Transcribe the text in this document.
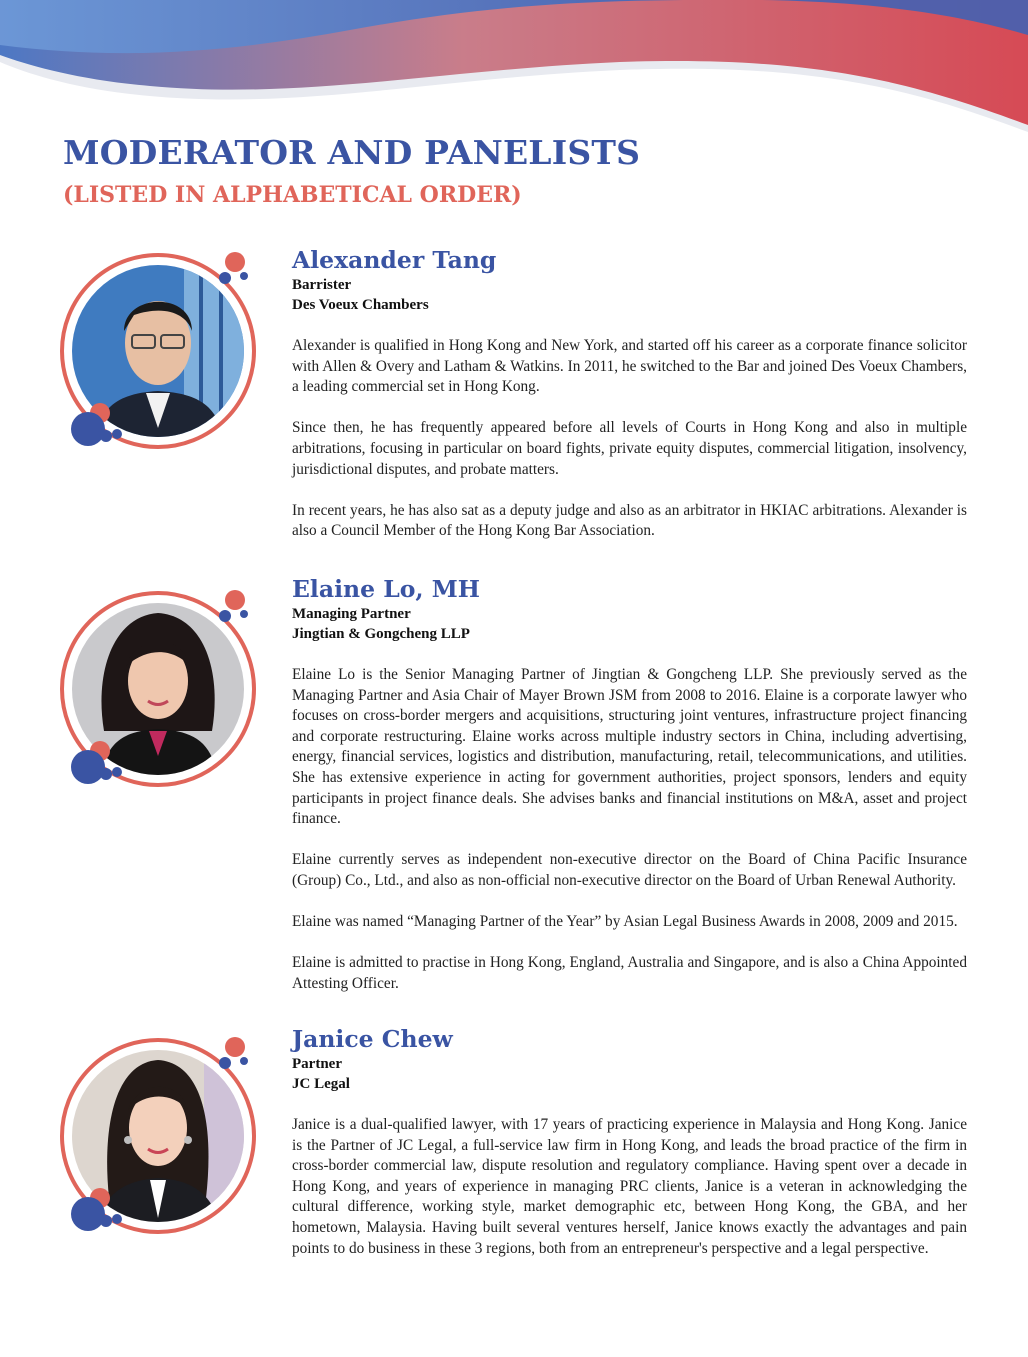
MODERATOR AND PANELISTS
(LISTED IN ALPHABETICAL ORDER)
Alexander Tang
Barrister
Des Voeux Chambers

Alexander is qualified in Hong Kong and New York, and started off his career as a corporate finance solicitor with Allen & Overy and Latham & Watkins. In 2011, he switched to the Bar and joined Des Voeux Chambers, a leading commercial set in Hong Kong.

Since then, he has frequently appeared before all levels of Courts in Hong Kong and also in multiple arbitrations, focusing in particular on board fights, private equity disputes, commercial litigation, insolvency, jurisdictional disputes, and probate matters.

In recent years, he has also sat as a deputy judge and also as an arbitrator in HKIAC arbitrations. Alexander is also a Council Member of the Hong Kong Bar Association.

Elaine Lo, MH
Managing Partner
Jingtian & Gongcheng LLP

Elaine Lo is the Senior Managing Partner of Jingtian & Gongcheng LLP. She previously served as the Managing Partner and Asia Chair of Mayer Brown JSM from 2008 to 2016. Elaine is a corporate lawyer who focuses on cross-border mergers and acquisitions, structuring joint ventures, infrastructure project financing and corporate restructuring. Elaine works across multiple industry sectors in China, including advertising, energy, financial services, logistics and distribution, manufacturing, retail, telecommunications, and utilities. She has extensive experience in acting for government authorities, project sponsors, lenders and equity participants in project finance deals. She advises banks and financial institutions on M&A, asset and project finance.

Elaine currently serves as independent non-executive director on the Board of China Pacific Insurance (Group) Co., Ltd., and also as non-official non-executive director on the Board of Urban Renewal Authority.

Elaine was named “Managing Partner of the Year” by Asian Legal Business Awards in 2008, 2009 and 2015.

Elaine is admitted to practise in Hong Kong, England, Australia and Singapore, and is also a China Appointed Attesting Officer.

Janice Chew
Partner
JC Legal

Janice is a dual-qualified lawyer, with 17 years of practicing experience in Malaysia and Hong Kong. Janice is the Partner of JC Legal, a full-service law firm in Hong Kong, and leads the broad practice of the firm in cross-border commercial law, dispute resolution and regulatory compliance. Having spent over a decade in Hong Kong, and years of experience in managing PRC clients, Janice is a veteran in acknowledging the cultural difference, working style, market demographic etc, between Hong Kong, the GBA, and her hometown, Malaysia. Having built several ventures herself, Janice knows exactly the advantages and pain points to do business in these 3 regions, both from an entrepreneur's perspective and a legal perspective.
